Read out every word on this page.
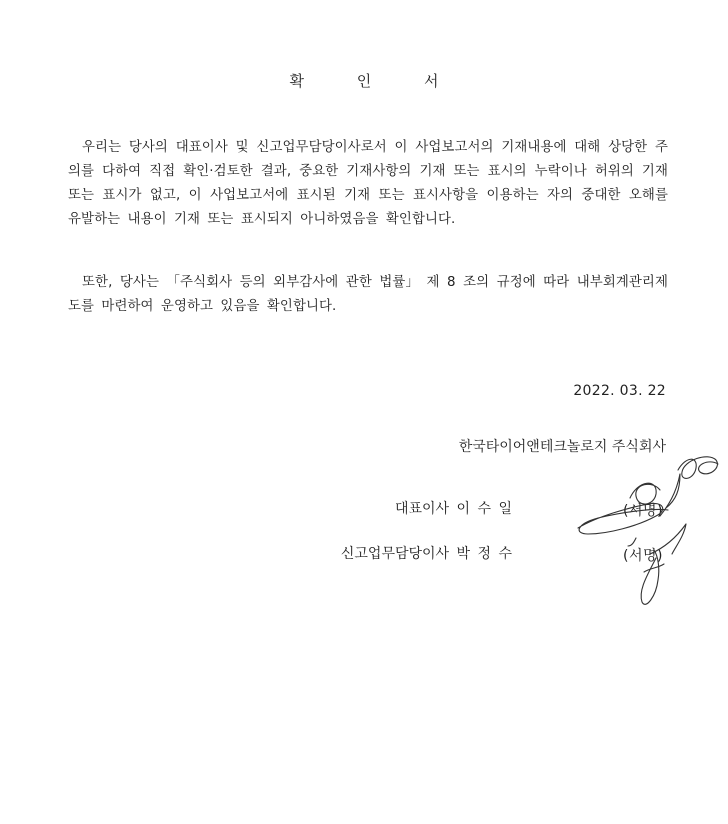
확	인	서
우리는 당사의 대표이사 및 신고업무담당이사로서 이 사업보고서의 기재내용에 대해 상당한 주의를 다하여 직접 확인·검토한 결과, 중요한 기재사항의 기재 또는 표시의 누락이나 허위의 기재 또는 표시가 없고, 이 사업보고서에 표시된 기재 또는 표시사항을 이용하는 자의 중대한 오해를 유발하는 내용이 기재 또는 표시되지 아니하였음을 확인합니다.
또한, 당사는 「주식회사 등의 외부감사에 관한 법률」 제 8 조의 규정에 따라 내부회계관리제도를 마련하여 운영하고 있음을 확인합니다.
2022. 03. 22
한국타이어앤테크놀로지 주식회사
대표이사 이 수 일	(서명)
신고업무담당이사 박 정 수	(서명)
